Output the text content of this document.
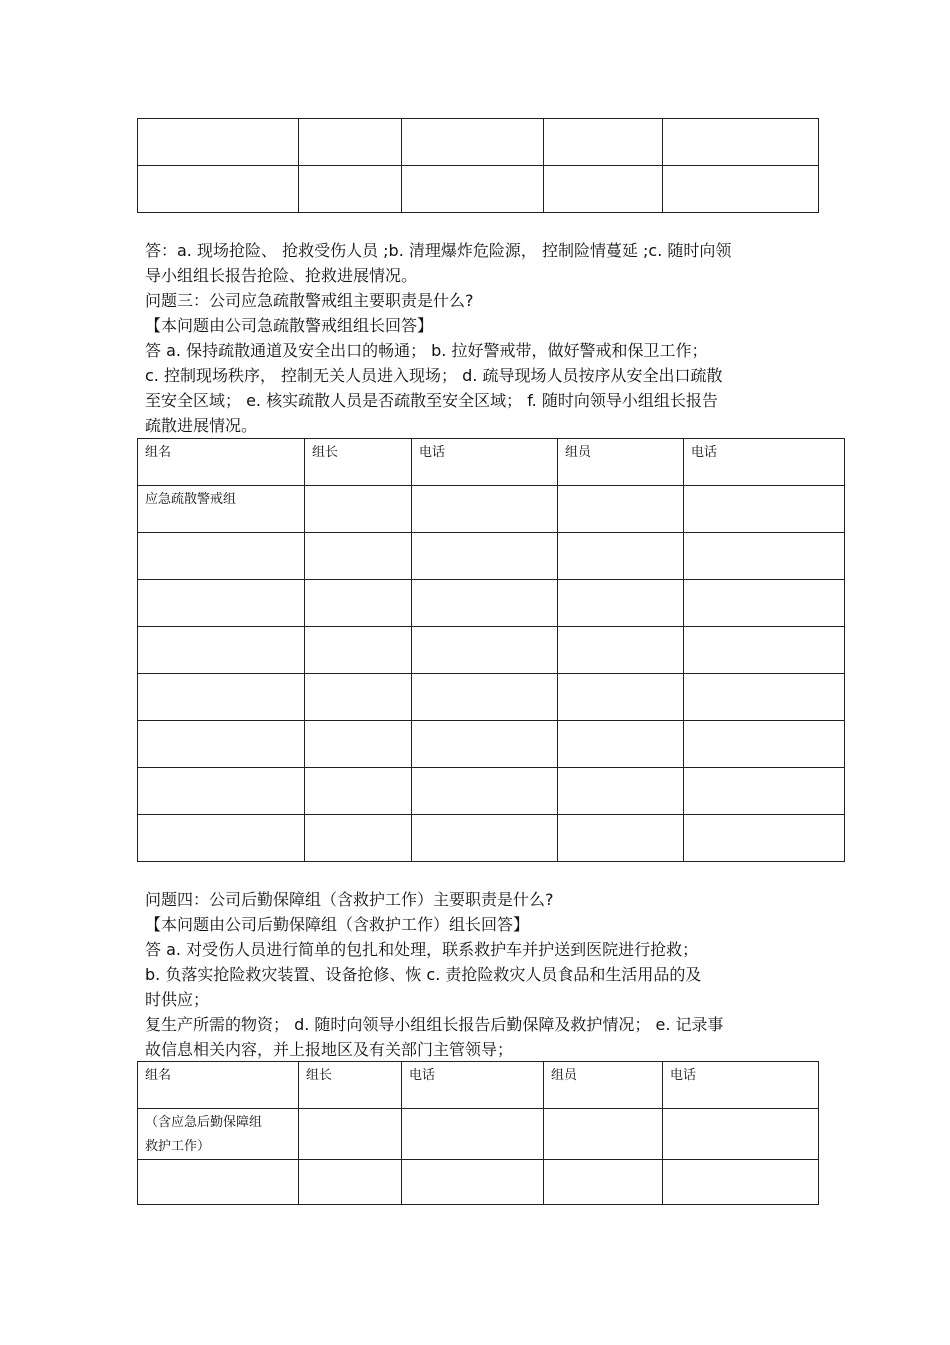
答：a. 现场抢险、 抢救受伤人员 ;b. 清理爆炸危险源， 控制险情蔓延 ;c. 随时向领
导小组组长报告抢险、抢救进展情况。
问题三：公司应急疏散警戒组主要职责是什么?
【本问题由公司急疏散警戒组组长回答】
答 a. 保持疏散通道及安全出口的畅通； b. 拉好警戒带，做好警戒和保卫工作；
c. 控制现场秩序， 控制无关人员进入现场； d. 疏导现场人员按序从安全出口疏散
至安全区域； e. 核实疏散人员是否疏散至安全区域； f. 随时向领导小组组长报告
疏散进展情况。
组名	组长	电话	组员	电话

应急疏散警戒组				

问题四：公司后勤保障组（含救护工作）主要职责是什么?
【本问题由公司后勤保障组（含救护工作）组长回答】
答 a. 对受伤人员进行简单的包扎和处理，联系救护车并护送到医院进行抢救；
b. 负落实抢险救灾装置、设备抢修、恢 c. 责抢险救灾人员食品和生活用品的及
时供应；
复生产所需的物资； d. 随时向领导小组组长报告后勤保障及救护情况； e. 记录事
故信息相关内容，并上报地区及有关部门主管领导；
组名	组长	电话	组员	电话

（含应急后勤保障组
救护工作）				
